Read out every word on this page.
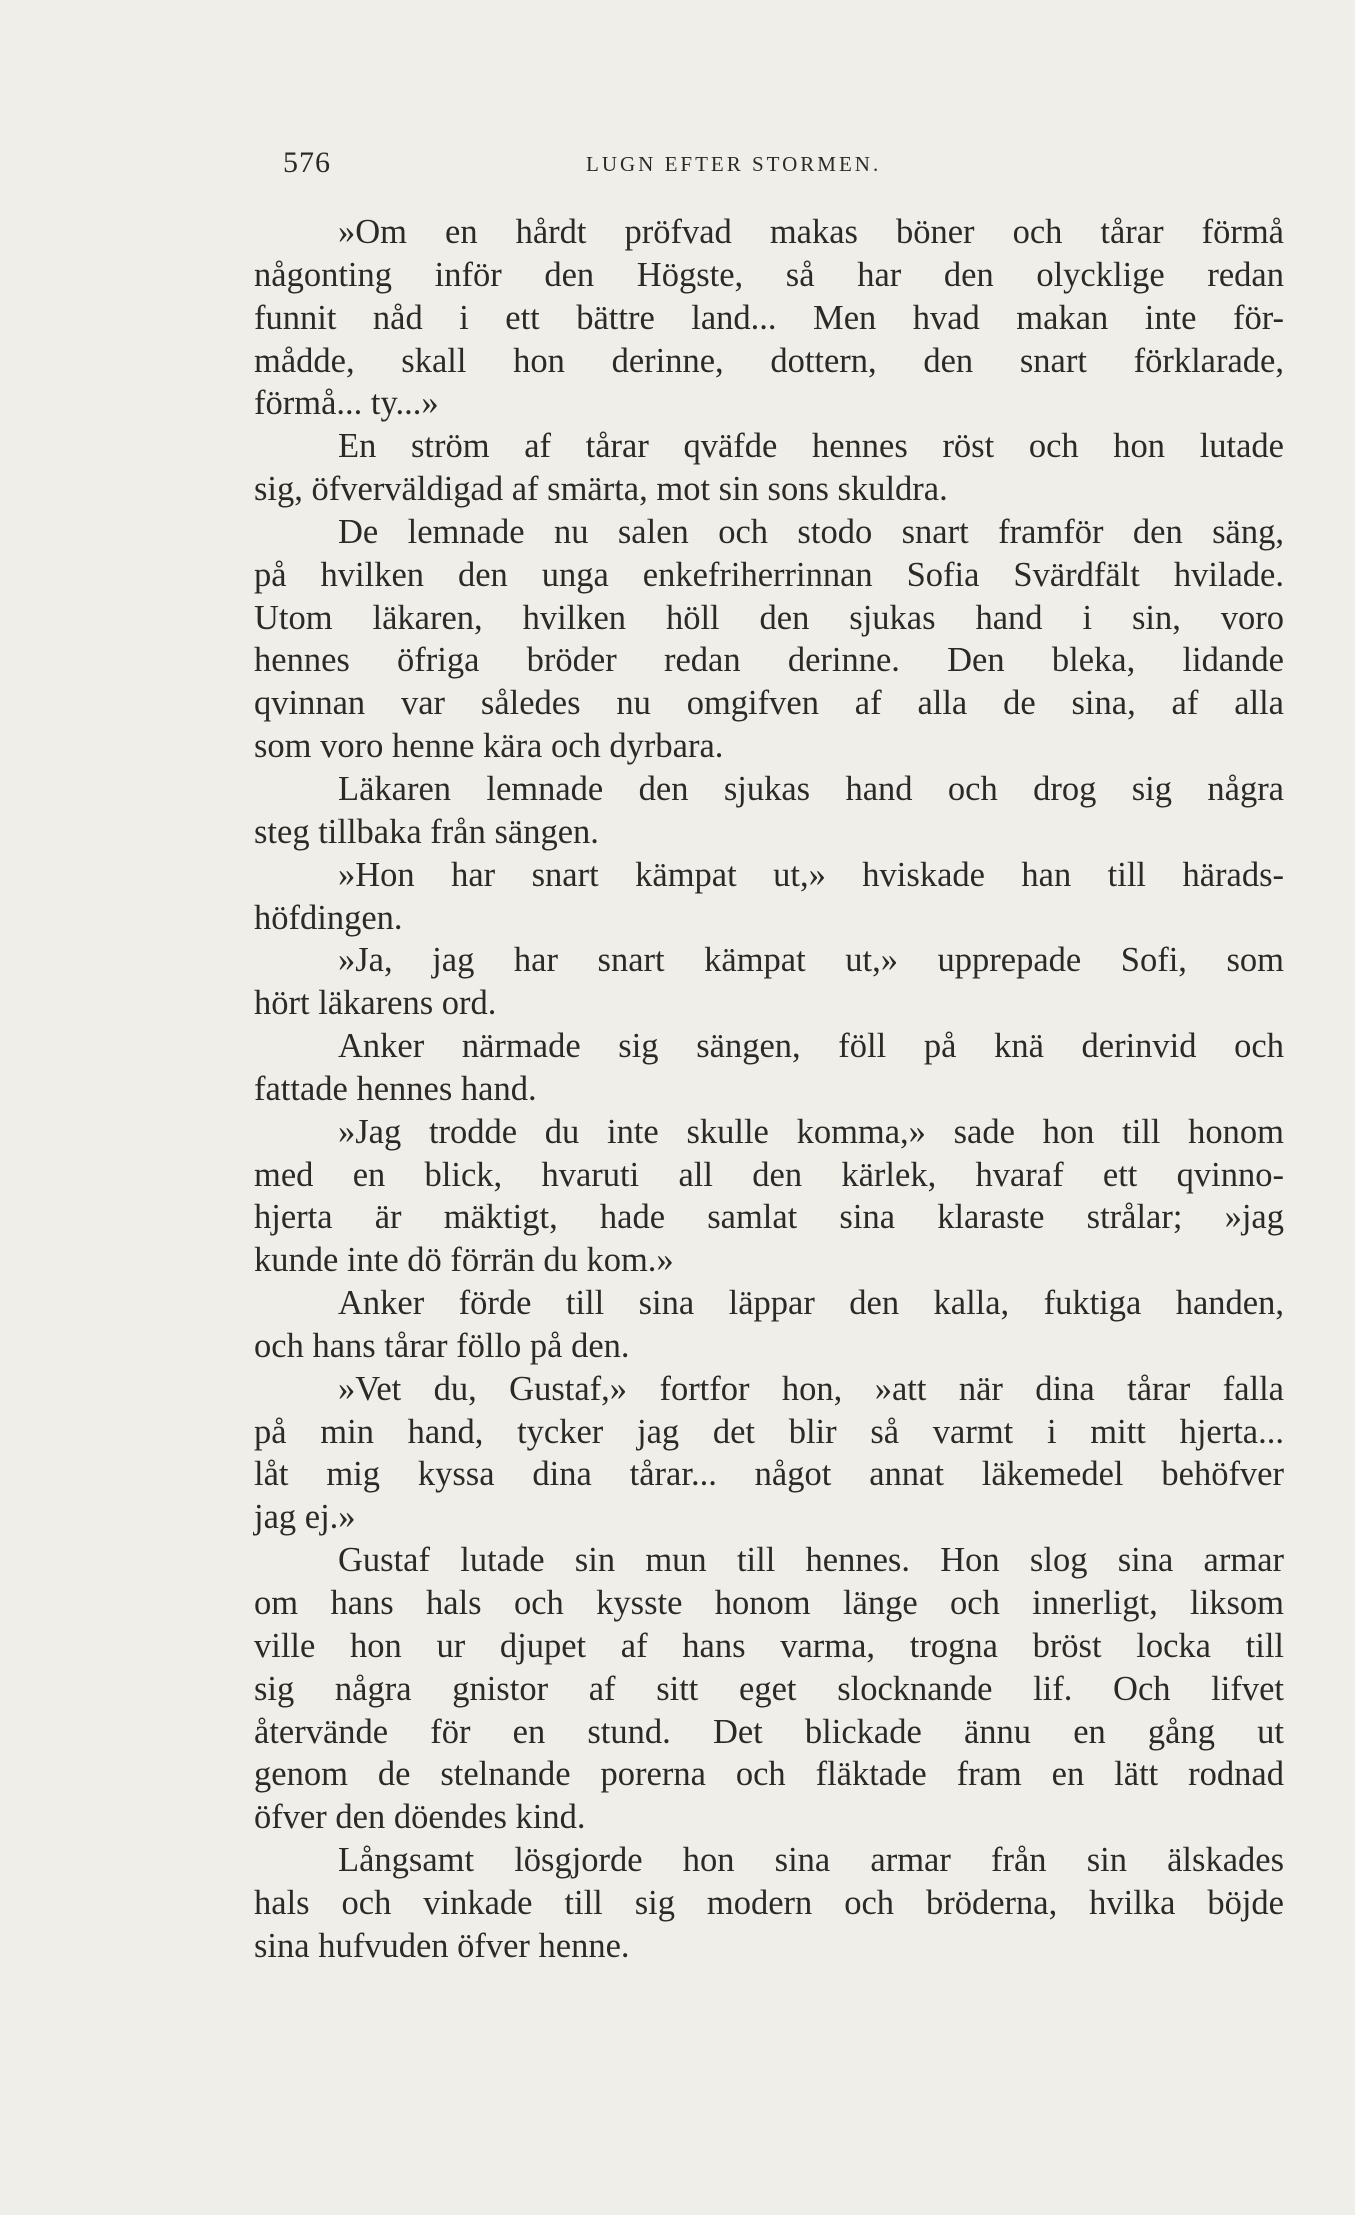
576	LUGN EFTER STORMEN.
»Om en hårdt pröfvad makas böner och tårar förmå
någonting inför den Högste, så har den olycklige redan
funnit nåd i ett bättre land... Men hvad makan inte för-
mådde, skall hon derinne, dottern, den snart förklarade,
förmå... ty...»
En ström af tårar qväfde hennes röst och hon lutade
sig, öfverväldigad af smärta, mot sin sons skuldra.
De lemnade nu salen och stodo snart framför den säng,
på hvilken den unga enkefriherrinnan Sofia Svärdfält hvilade.
Utom läkaren, hvilken höll den sjukas hand i sin, voro
hennes öfriga bröder redan derinne. Den bleka, lidande
qvinnan var således nu omgifven af alla de sina, af alla
som voro henne kära och dyrbara.
Läkaren lemnade den sjukas hand och drog sig några
steg tillbaka från sängen.
»Hon har snart kämpat ut,» hviskade han till härads-
höfdingen.
»Ja, jag har snart kämpat ut,» upprepade Sofi, som
hört läkarens ord.
Anker närmade sig sängen, föll på knä derinvid och
fattade hennes hand.
»Jag trodde du inte skulle komma,» sade hon till honom
med en blick, hvaruti all den kärlek, hvaraf ett qvinno-
hjerta är mäktigt, hade samlat sina klaraste strålar; »jag
kunde inte dö förrän du kom.»
Anker förde till sina läppar den kalla, fuktiga handen,
och hans tårar föllo på den.
»Vet du, Gustaf,» fortfor hon, »att när dina tårar falla
på min hand, tycker jag det blir så varmt i mitt hjerta...
låt mig kyssa dina tårar... något annat läkemedel behöfver
jag ej.»
Gustaf lutade sin mun till hennes. Hon slog sina armar
om hans hals och kysste honom länge och innerligt, liksom
ville hon ur djupet af hans varma, trogna bröst locka till
sig några gnistor af sitt eget slocknande lif. Och lifvet
återvände för en stund. Det blickade ännu en gång ut
genom de stelnande porerna och fläktade fram en lätt rodnad
öfver den döendes kind.
Långsamt lösgjorde hon sina armar från sin älskades
hals och vinkade till sig modern och bröderna, hvilka böjde
sina hufvuden öfver henne.
